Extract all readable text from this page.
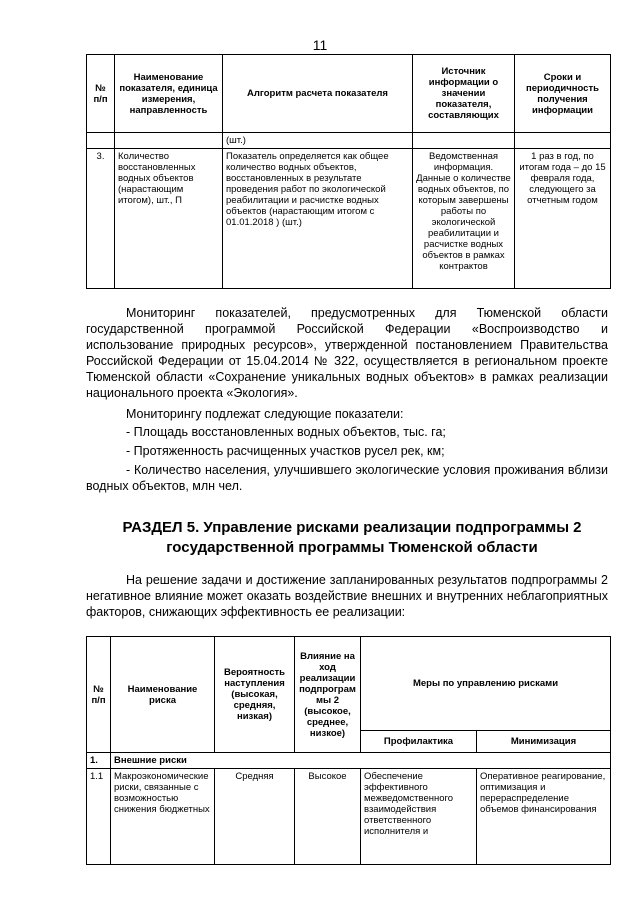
11
№ п/п	Наименование показателя, единица измерения, направленность	Алгоритм расчета показателя	Источник информации о значении показателя, составляющих	Сроки и периодичность получения информации
		(шт.)		
3.	Количество восстановленных водных объектов (нарастающим итогом), шт., П	Показатель определяется как общее количество водных объектов, восстановленных в результате проведения работ по экологической реабилитации и расчистке водных объектов (нарастающим итогом с 01.01.2018 ) (шт.)	Ведомственная информация. Данные о количестве водных объектов, по которым завершены работы по экологической реабилитации и расчистке водных объектов в рамках контрактов	1 раз в год, по итогам года – до 15 февраля года, следующего за отчетным годом
Мониторинг показателей, предусмотренных для Тюменской области государственной программой Российской Федерации «Воспроизводство и использование природных ресурсов», утвержденной постановлением Правительства Российской Федерации от 15.04.2014 № 322, осуществляется в региональном проекте Тюменской области «Сохранение уникальных водных объектов» в рамках реализации национального проекта «Экология».
Мониторингу подлежат следующие показатели:
- Площадь восстановленных водных объектов, тыс. га;
- Протяженность расчищенных участков русел рек, км;
- Количество населения, улучшившего экологические условия проживания вблизи водных объектов, млн чел.
РАЗДЕЛ 5. Управление рисками реализации подпрограммы 2
государственной программы Тюменской области
На решение задачи и достижение запланированных результатов подпрограммы 2 негативное влияние может оказать воздействие внешних и внутренних неблагоприятных факторов, снижающих эффективность ее реализации:
№ п/п	Наименование риска	Вероятность наступления (высокая, средняя, низкая)	Влияние на ход реализации подпрограммы 2 (высокое, среднее, низкое)	Меры по управлению рисками	
				Профилактика	Минимизация
1.	Внешние риски				
1.1	Макроэкономические риски, связанные с возможностью снижения бюджетных	Средняя	Высокое	Обеспечение эффективного межведомственного взаимодействия ответственного исполнителя и	Оперативное реагирование, оптимизация и перераспределение объемов финансирования
